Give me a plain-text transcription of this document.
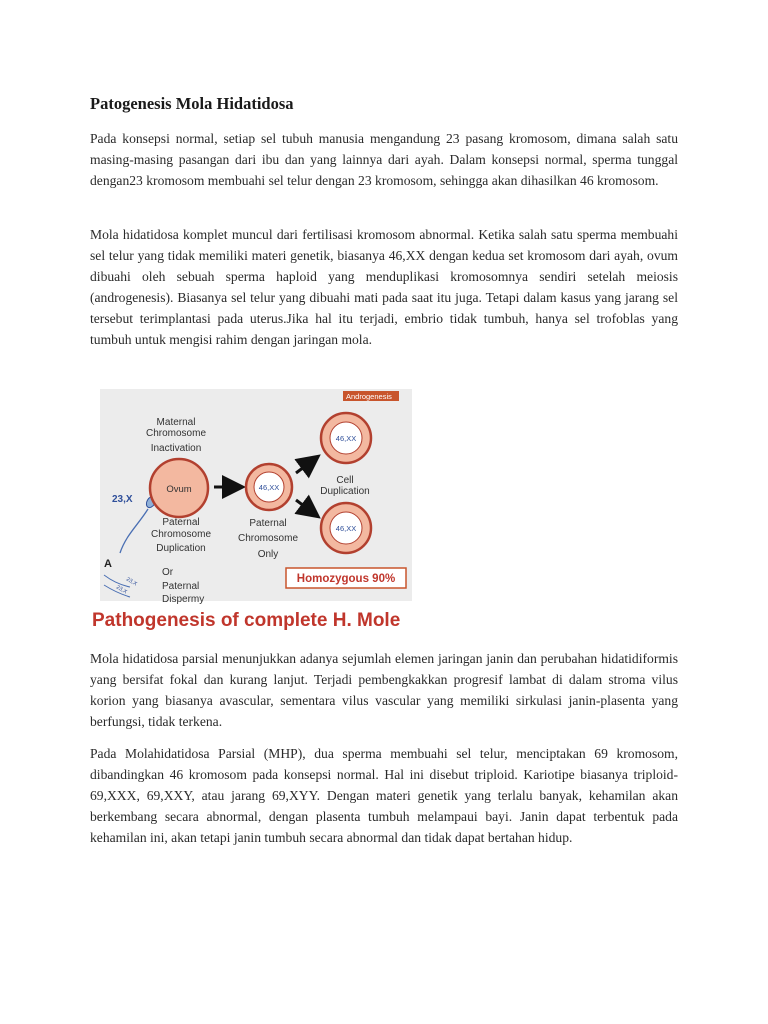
Patogenesis Mola Hidatidosa

Pada konsepsi normal, setiap sel tubuh manusia mengandung 23 pasang kromosom, dimana salah satu masing-masing pasangan dari ibu dan yang lainnya dari ayah. Dalam konsepsi normal, sperma tunggal dengan23 kromosom membuahi sel telur dengan 23 kromosom, sehingga akan dihasilkan 46 kromosom.

Mola hidatidosa komplet muncul dari fertilisasi kromosom abnormal. Ketika salah satu sperma membuahi sel telur yang tidak memiliki materi genetik, biasanya 46,XX dengan kedua set kromosom dari ayah, ovum dibuahi oleh sebuah sperma haploid yang menduplikasi kromosomnya sendiri setelah meiosis (androgenesis). Biasanya sel telur yang dibuahi mati pada saat itu juga. Tetapi dalam kasus yang jarang sel tersebut terimplantasi pada uterus.Jika hal itu terjadi, embrio tidak tumbuh, hanya sel trofoblas yang tumbuh untuk mengisi rahim dengan jaringan mola.

Androgenesis
Maternal
Chromosome
Inactivation
23,X
Ovum	46,XX
46,XX
Cell
Duplication
46,XX
Paternal
Chromosome
Duplication
Paternal
Chromosome
Only
A
23,X
23,X
Or
Paternal
Dispermy
Homozygous 90%
Pathogenesis of complete H. Mole

Mola hidatidosa parsial menunjukkan adanya sejumlah elemen jaringan janin dan perubahan hidatidiformis yang bersifat fokal dan kurang lanjut. Terjadi pembengkakkan progresif lambat di dalam stroma vilus korion yang biasanya avascular, sementara vilus vascular yang memiliki sirkulasi janin-plasenta yang berfungsi, tidak terkena.

Pada Molahidatidosa Parsial (MHP), dua sperma membuahi sel telur, menciptakan 69 kromosom, dibandingkan 46 kromosom pada konsepsi normal. Hal ini disebut triploid. Kariotipe biasanya triploid-69,XXX, 69,XXY, atau jarang 69,XYY. Dengan materi genetik yang terlalu banyak, kehamilan akan berkembang secara abnormal, dengan plasenta tumbuh melampaui bayi. Janin dapat terbentuk pada kehamilan ini, akan tetapi janin tumbuh secara abnormal dan tidak dapat bertahan hidup.
